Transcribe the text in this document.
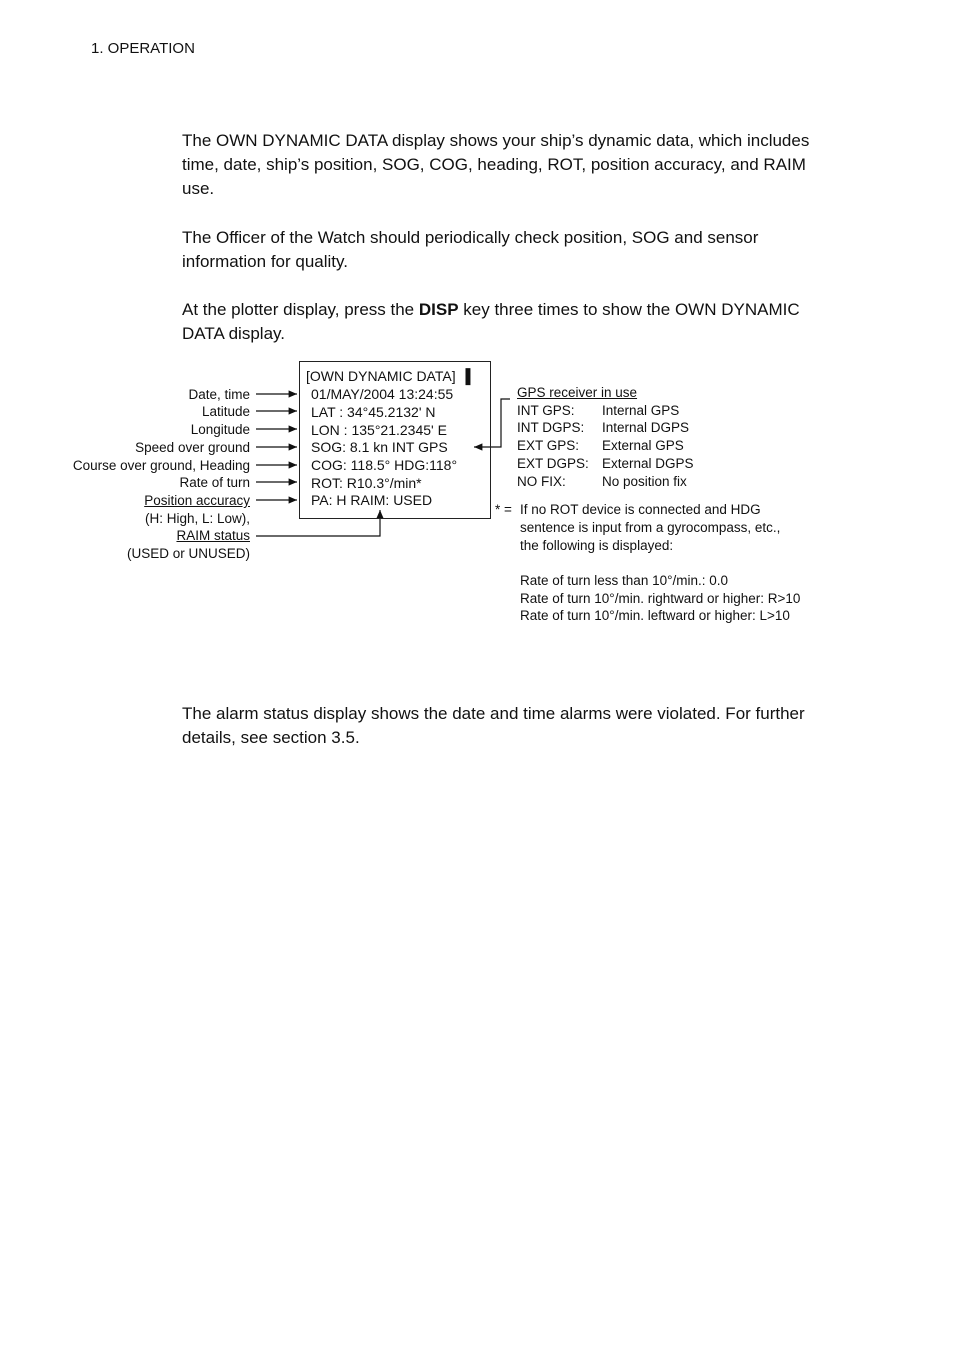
1. OPERATION
The OWN DYNAMIC DATA display shows your ship’s dynamic data, which includes time, date, ship’s position, SOG, COG, heading, ROT, position accuracy, and RAIM use.
The Officer of the Watch should periodically check position, SOG and sensor information for quality.
At the plotter display, press the DISP key three times to show the OWN DYNAMIC DATA display.
Date, time
Latitude
Longitude
Speed over ground
Course over ground, Heading
Rate of turn
Position accuracy
(H: High, L: Low),
RAIM status
(USED or UNUSED)
[OWN DYNAMIC DATA] ▌
01/MAY/2004 13:24:55
LAT : 34°45.2132' N
LON : 135°21.2345' E
SOG: 8.1 kn INT GPS
COG: 118.5° HDG:118°
ROT: R10.3°/min*
PA: H RAIM: USED
GPS receiver in use
INT GPS: Internal GPS
INT DGPS: Internal DGPS
EXT GPS: External GPS
EXT DGPS: External DGPS
NO FIX:	No position fix
* = If no ROT device is connected and HDG
sentence is input from a gyrocompass, etc.,
the following is displayed:
Rate of turn less than 10°/min.: 0.0
Rate of turn 10°/min. rightward or higher: R>10
Rate of turn 10°/min. leftward or higher: L>10
The alarm status display shows the date and time alarms were violated. For further details, see section 3.5.
